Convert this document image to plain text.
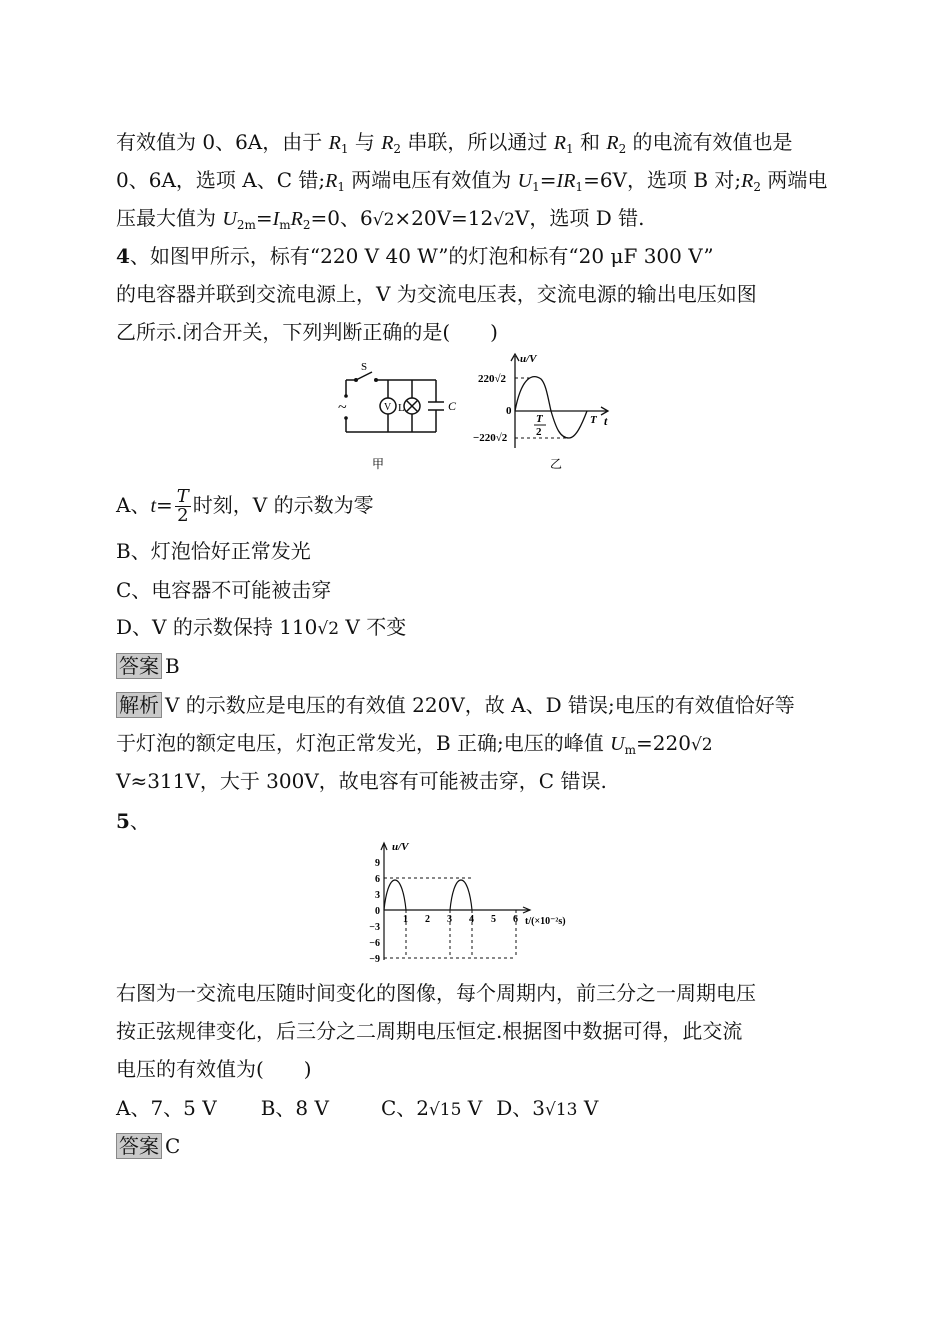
有效值为 0、6A，由于 $R_1$ 与 $R_2$ 串联，所以通过 $R_1$ 和 $R_2$ 的电流有效值也是
0、6A，选项 A、C 错$;R_1$ 两端电压有效值为 $U_1=IR_1=6V$，选项 B 对$;R_2$ 两端电
压最大值为 $U_{2m}=I_mR_2=0$、6√2×20V=12√2V，选项 D 错.
4、如图甲所示，标有“220 V 40 W”的灯泡和标有“20 μF 300 V”
的电容器并联到交流电源上，V 为交流电压表，交流电源的输出电压如图
乙所示.闭合开关，下列判断正确的是(　　)
S
~	V L	C
甲
u/V
220√2
0
−220√2
T
2
T t
乙
A、$t= \frac{T}{2}$ 时刻，V 的示数为零
B、灯泡恰好正常发光
C、电容器不可能被击穿
D、V 的示数保持 110√2 V 不变
答案 B
解析 V 的示数应是电压的有效值 220V，故 A、D 错误;电压的有效值恰好等
于灯泡的额定电压，灯泡正常发光，B 正确;电压的峰值 $U_m=220√2$
V≈311V，大于 300V，故电容有可能被击穿，C 错误.
5、
u/V
9
6
3
0
−3
−6
−9
1 2 3 4 5 6 t/(×10⁻²s)
右图为一交流电压随时间变化的图像，每个周期内，前三分之一周期电压
按正弦规律变化，后三分之二周期电压恒定.根据图中数据可得，此交流
电压的有效值为(　　)
A、7、5 V B、8 V	C、2√15 V D、3√13 V
答案 C
